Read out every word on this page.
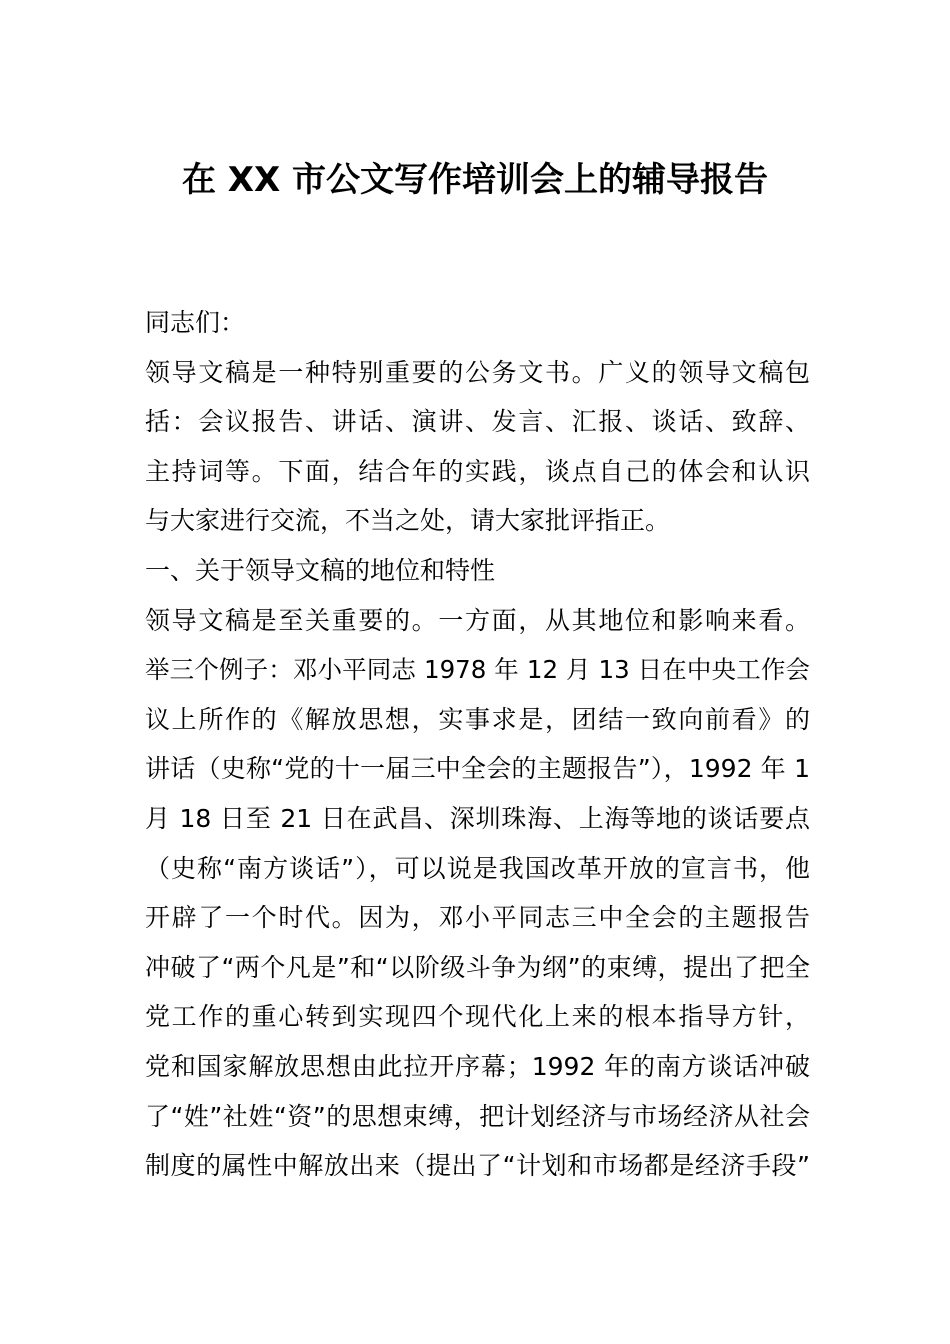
在 XX 市公文写作培训会上的辅导报告
同志们：
领导文稿是一种特别重要的公务文书。广义的领导文稿包
括：会议报告、讲话、演讲、发言、汇报、谈话、致辞、
主持词等。下面，结合年的实践，谈点自己的体会和认识
与大家进行交流，不当之处，请大家批评指正。
一、关于领导文稿的地位和特性
领导文稿是至关重要的。一方面，从其地位和影响来看。
举三个例子：邓小平同志 1978 年 12 月 13 日在中央工作会
议上所作的《解放思想，实事求是，团结一致向前看》的
讲话（史称“党的十一届三中全会的主题报告”），1992 年 1
月 18 日至 21 日在武昌、深圳珠海、上海等地的谈话要点
（史称“南方谈话”），可以说是我国改革开放的宣言书，他
开辟了一个时代。因为，邓小平同志三中全会的主题报告
冲破了“两个凡是”和“以阶级斗争为纲”的束缚，提出了把全
党工作的重心转到实现四个现代化上来的根本指导方针，
党和国家解放思想由此拉开序幕；1992 年的南方谈话冲破
了“姓”社姓“资”的思想束缚，把计划经济与市场经济从社会
制度的属性中解放出来（提出了“计划和市场都是经济手段”
